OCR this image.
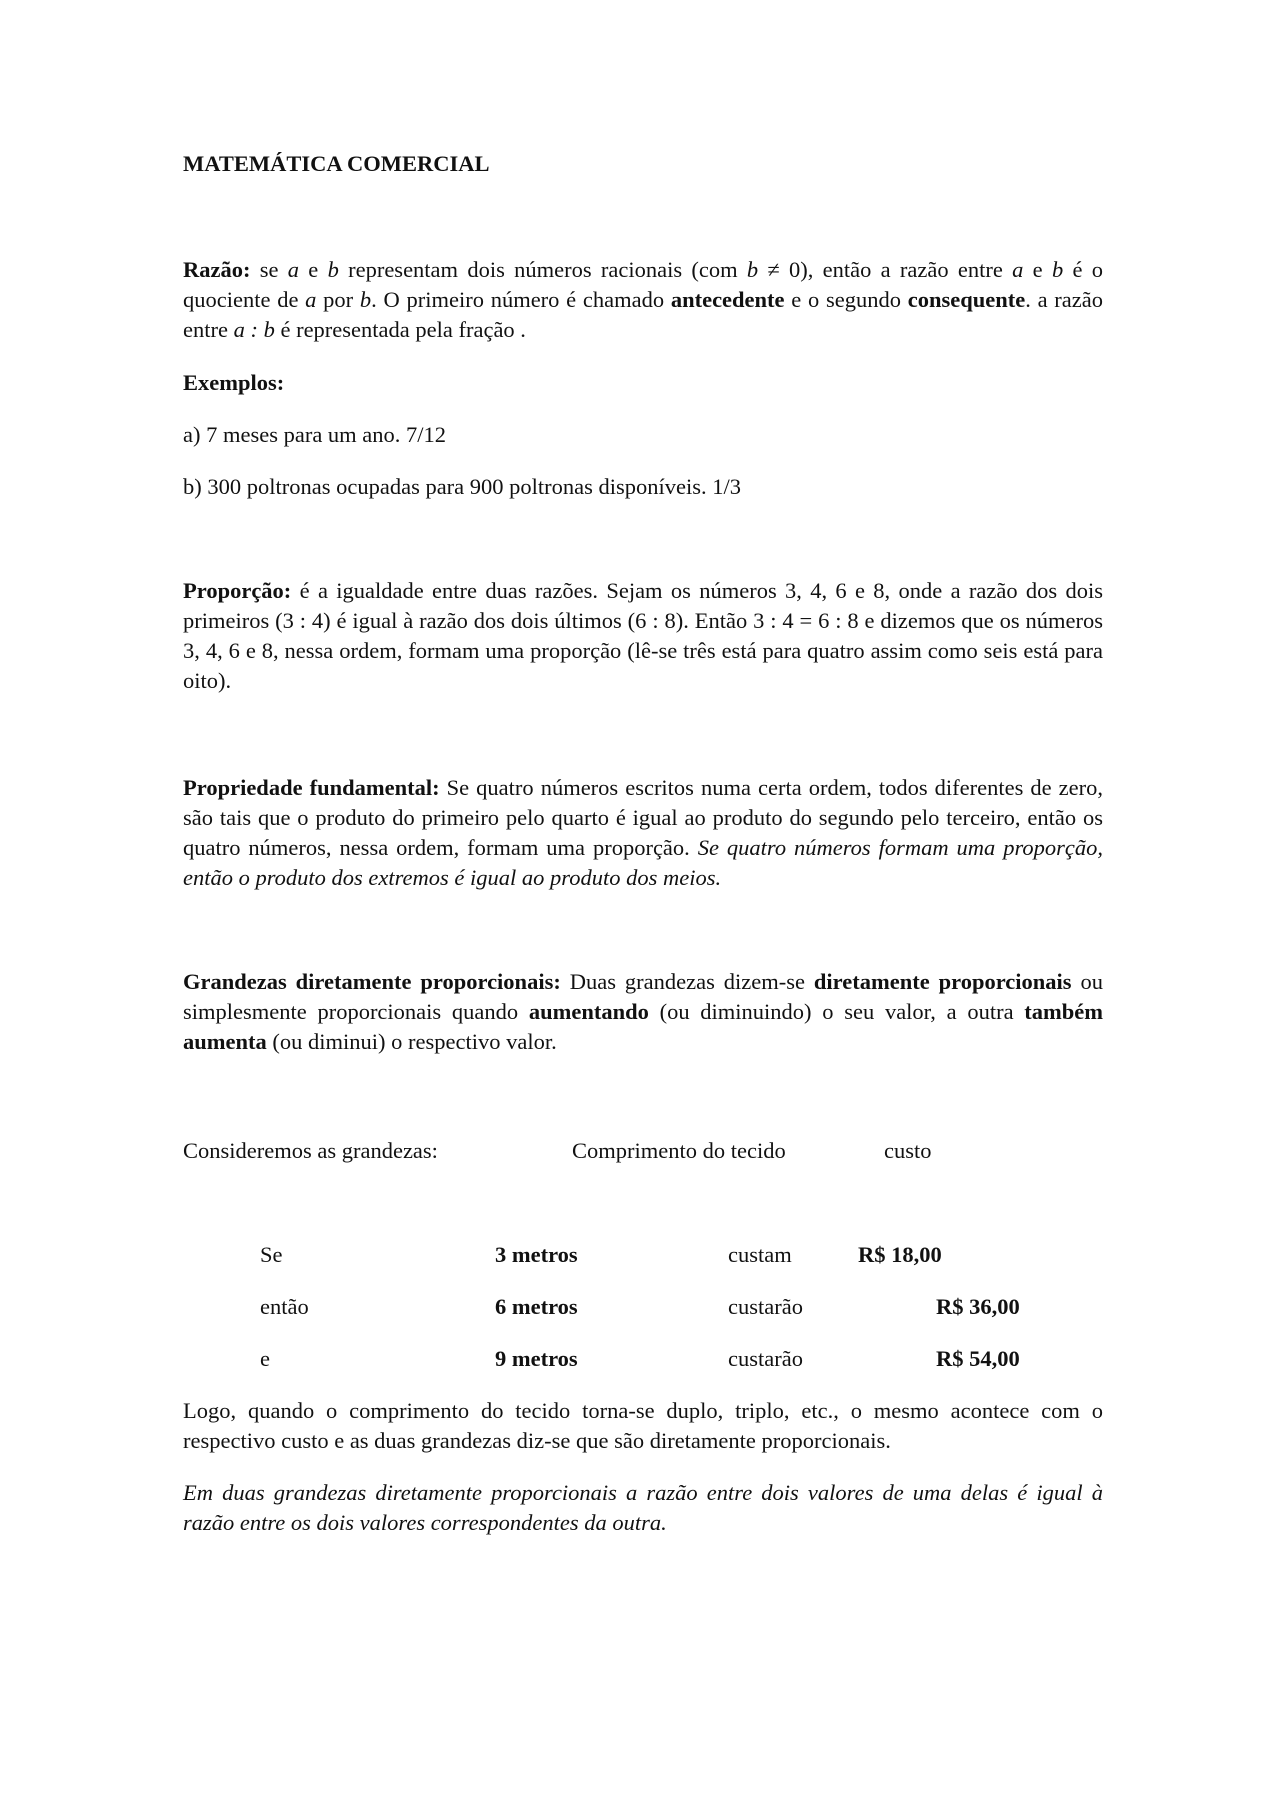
MATEMÁTICA COMERCIAL

Razão: se a e b representam dois números racionais (com b ≠ 0), então a razão entre a e b é o quociente de a por b. O primeiro número é chamado antecedente e o segundo consequente. a razão entre a : b é representada pela fração .

Exemplos:
a) 7 meses para um ano. 7/12
b) 300 poltronas ocupadas para 900 poltronas disponíveis. 1/3

Proporção: é a igualdade entre duas razões. Sejam os números 3, 4, 6 e 8, onde a razão dos dois primeiros (3 : 4) é igual à razão dos dois últimos (6 : 8). Então 3 : 4 = 6 : 8 e dizemos que os números 3, 4, 6 e 8, nessa ordem, formam uma proporção (lê-se três está para quatro assim como seis está para oito).

Propriedade fundamental: Se quatro números escritos numa certa ordem, todos diferentes de zero, são tais que o produto do primeiro pelo quarto é igual ao produto do segundo pelo terceiro, então os quatro números, nessa ordem, formam uma proporção. Se quatro números formam uma proporção, então o produto dos extremos é igual ao produto dos meios.

Grandezas diretamente proporcionais: Duas grandezas dizem-se diretamente proporcionais ou simplesmente proporcionais quando aumentando (ou diminuindo) o seu valor, a outra também aumenta (ou diminui) o respectivo valor.

Consideremos as grandezas:	Comprimento do tecido	custo
Se	3 metros	custam	R$ 18,00
então	6 metros	custarão	R$ 36,00
e	9 metros	custarão	R$ 54,00

Logo, quando o comprimento do tecido torna-se duplo, triplo, etc., o mesmo acontece com o respectivo custo e as duas grandezas diz-se que são diretamente proporcionais.

Em duas grandezas diretamente proporcionais a razão entre dois valores de uma delas é igual à razão entre os dois valores correspondentes da outra.
